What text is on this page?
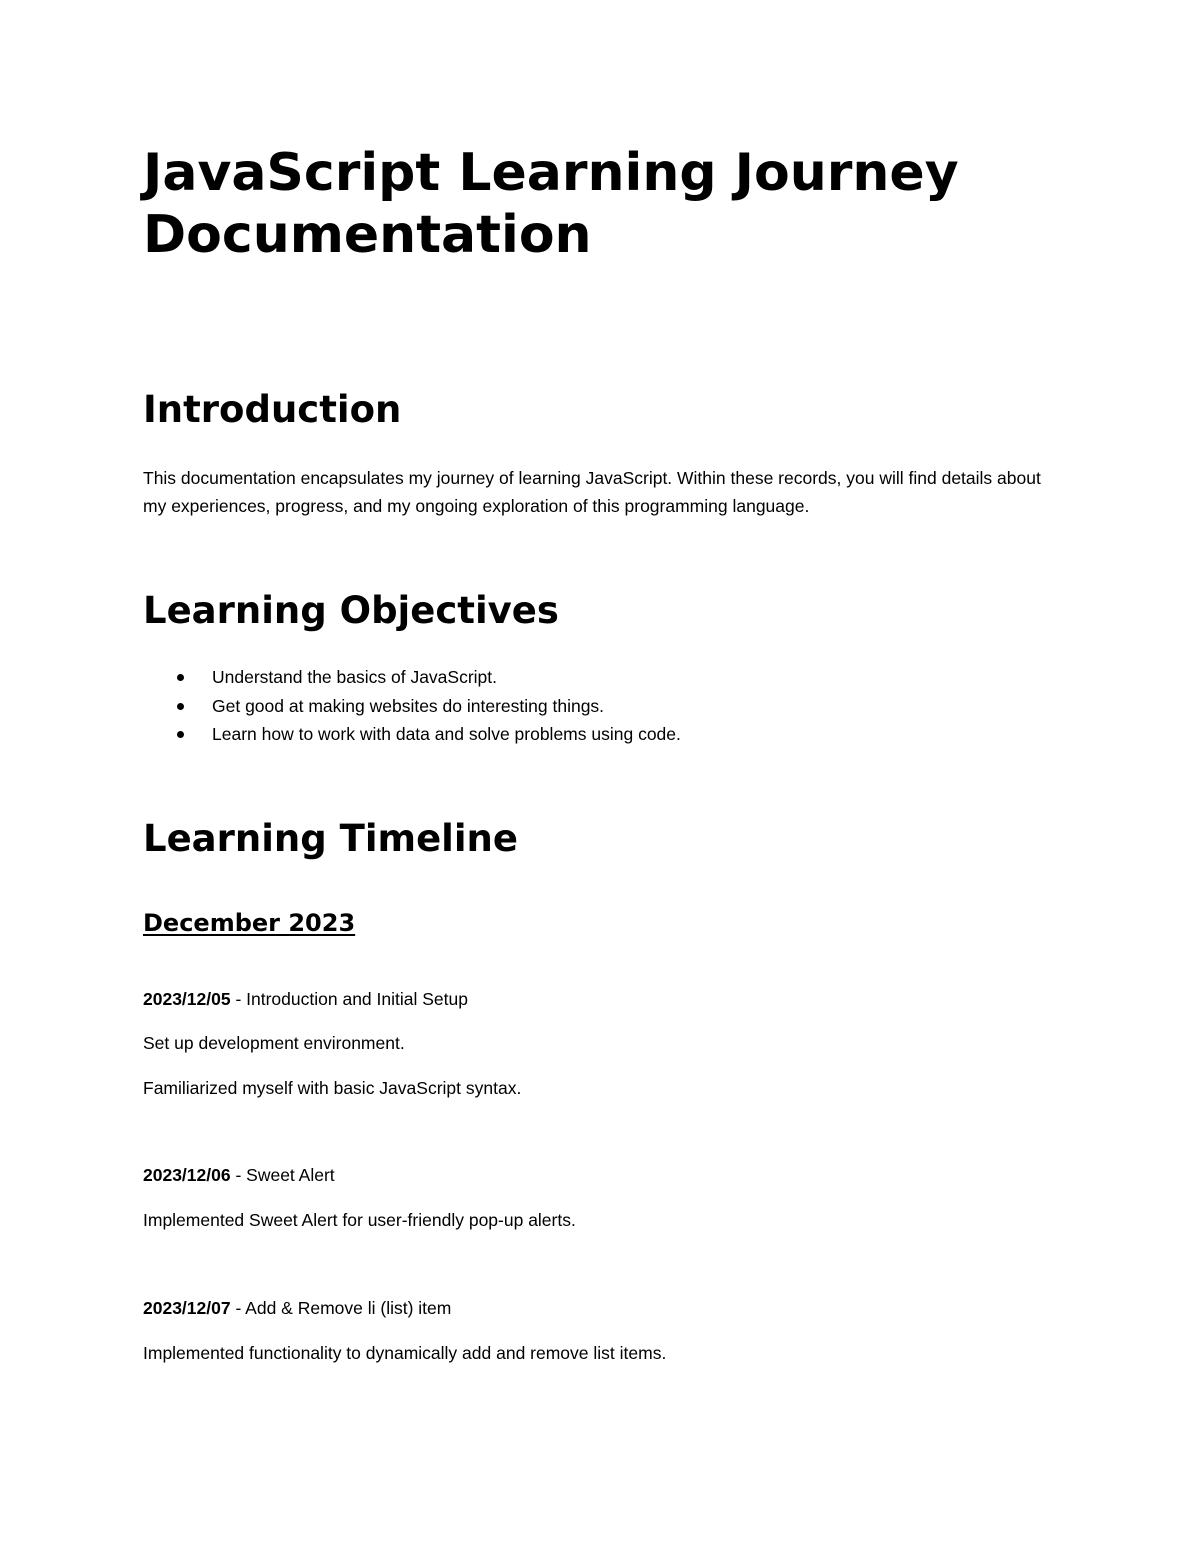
JavaScript Learning Journey Documentation
Introduction

This documentation encapsulates my journey of learning JavaScript. Within these records, you will find details about my experiences, progress, and my ongoing exploration of this programming language.

Learning Objectives
Understand the basics of JavaScript.
Get good at making websites do interesting things.
Learn how to work with data and solve problems using code.
Learning Timeline
December 2023

2023/12/05 - Introduction and Initial Setup

Set up development environment.

Familiarized myself with basic JavaScript syntax.

2023/12/06 - Sweet Alert

Implemented Sweet Alert for user-friendly pop-up alerts.

2023/12/07 - Add & Remove li (list) item

Implemented functionality to dynamically add and remove list items.
